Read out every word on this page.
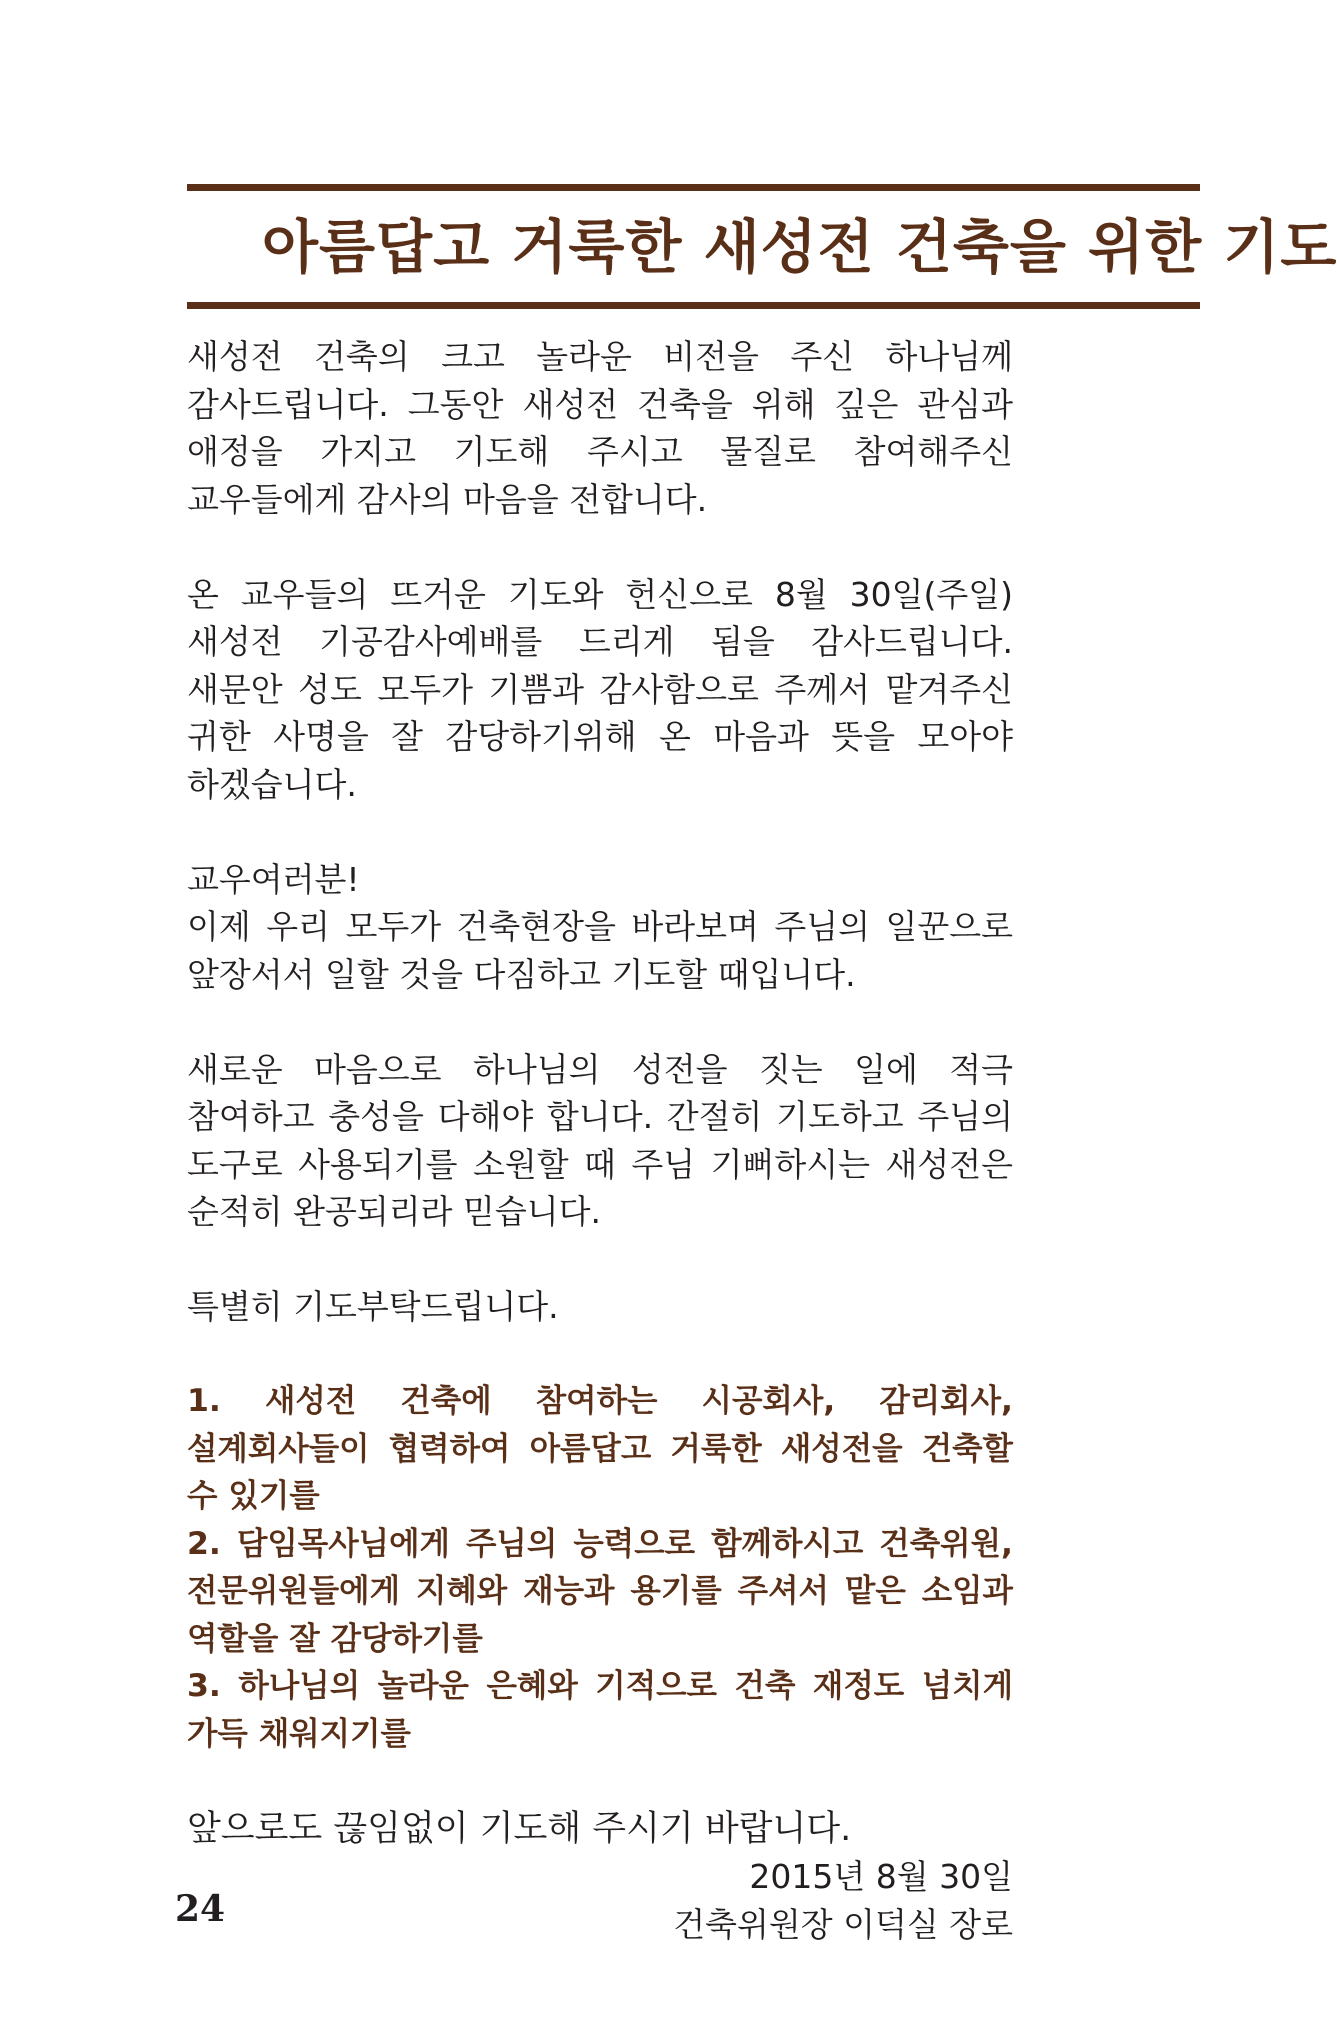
아름답고 거룩한 새성전 건축을 위한 기도

새성전 건축의 크고 놀라운 비전을 주신 하나님께 감사드립니다. 그동안 새성전 건축을 위해 깊은 관심과 애정을 가지고 기도해 주시고 물질로 참여해주신 교우들에게 감사의 마음을 전합니다.

온 교우들의 뜨거운 기도와 헌신으로 8월 30일(주일) 새성전 기공감사예배를 드리게 됨을 감사드립니다. 새문안 성도 모두가 기쁨과 감사함으로 주께서 맡겨주신 귀한 사명을 잘 감당하기위해 온 마음과 뜻을 모아야 하겠습니다.

교우여러분!

이제 우리 모두가 건축현장을 바라보며 주님의 일꾼으로 앞장서서 일할 것을 다짐하고 기도할 때입니다.

새로운 마음으로 하나님의 성전을 짓는 일에 적극 참여하고 충성을 다해야 합니다. 간절히 기도하고 주님의 도구로 사용되기를 소원할 때 주님 기뻐하시는 새성전은 순적히 완공되리라 믿습니다.

특별히 기도부탁드립니다.
1. 새성전 건축에 참여하는 시공회사, 감리회사, 설계회사들이 협력하여 아름답고 거룩한 새성전을 건축할 수 있기를
2. 담임목사님에게 주님의 능력으로 함께하시고 건축위원, 전문위원들에게 지혜와 재능과 용기를 주셔서 맡은 소임과 역할을 잘 감당하기를
3. 하나님의 놀라운 은혜와 기적으로 건축 재정도 넘치게 가득 채워지기를
앞으로도 끊임없이 기도해 주시기 바랍니다.
2015년 8월 30일
건축위원장 이덕실 장로
24
